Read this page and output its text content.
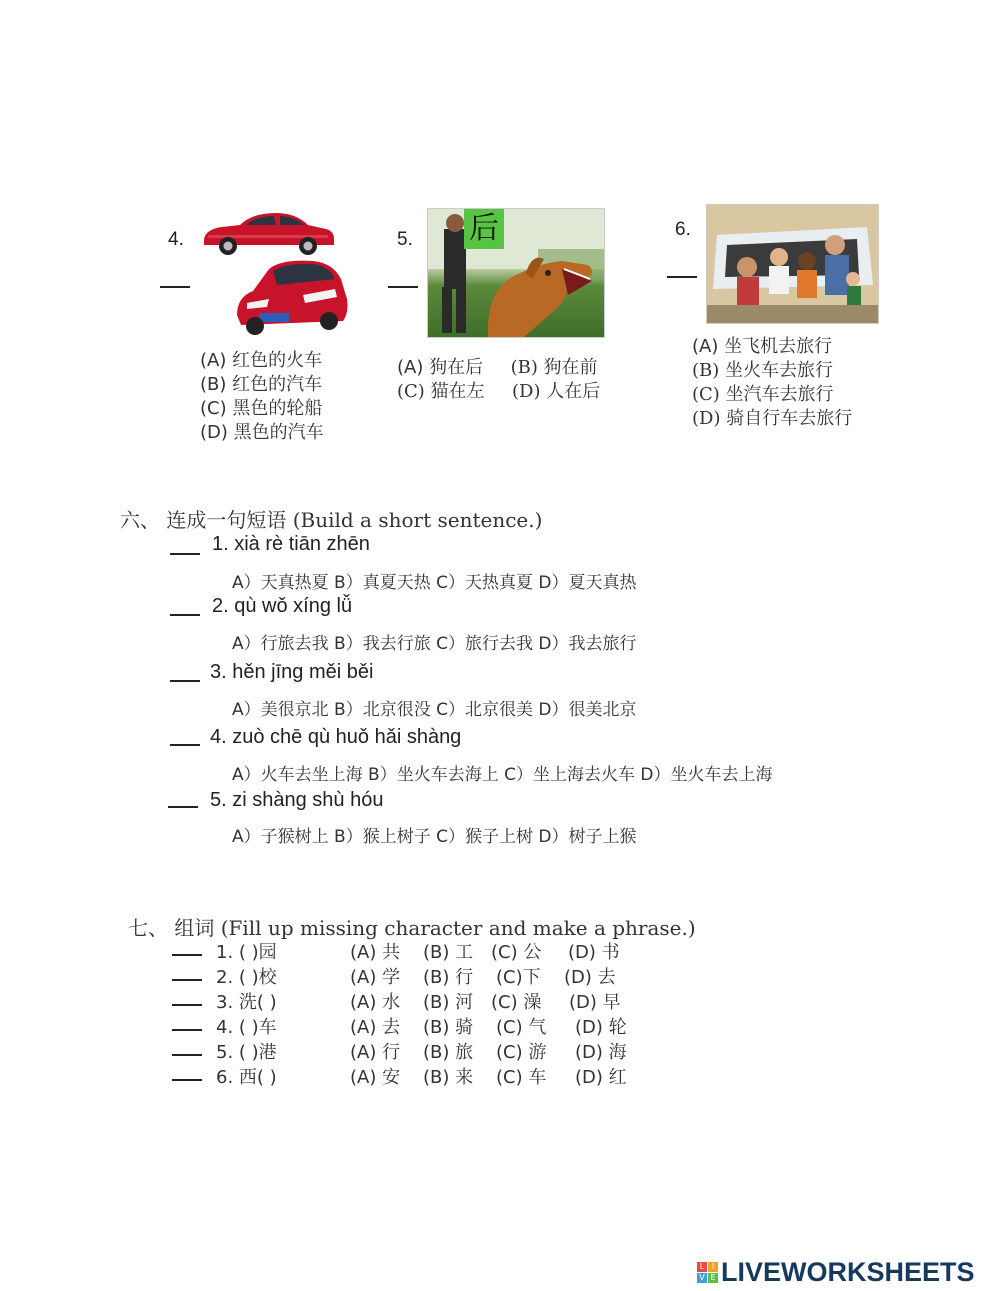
4.
(A) 红色的火车
(B) 红色的汽车
(C) 黑色的轮船
(D) 黑色的汽车
5. 后
(A) 狗在后 (B) 狗在前
(C) 猫在左 (D) 人在后
6.
(A) 坐飞机去旅行
(B) 坐火车去旅行
(C) 坐汽车去旅行
(D) 骑自行车去旅行
六、 连成一句短语 (Build a short sentence.)
1. xià rè tiān zhēn
A）天真热夏 B）真夏天热 C）天热真夏 D）夏天真热
2. qù wǒ xíng lǚ
A）行旅去我 B）我去行旅 C）旅行去我 D）我去旅行
3. hěn jīng měi běi
A）美很京北 B）北京很没 C）北京很美 D）很美北京
4. zuò chē qù huǒ hǎi shàng
A）火车去坐上海 B）坐火车去海上 C）坐上海去火车 D）坐火车去上海
5. zi shàng shù hóu
A）子猴树上 B）猴上树子 C）猴子上树 D）树子上猴
七、 组词 (Fill up missing character and make a phrase.)
1. ( )园	(A) 共 (B) 工 (C) 公 (D) 书
2. ( )校	(A) 学 (B) 行 (C)下 (D) 去
3. 洗( )	(A) 水 (B) 河 (C) 澡 (D) 早
4. ( )车	(A) 去 (B) 骑 (C) 气 (D) 轮
5. ( )港	(A) 行 (B) 旅 (C) 游 (D) 海
6. 西( )	(A) 安 (B) 来 (C) 车 (D) 红
L I
V E LIVEWORKSHEETS
